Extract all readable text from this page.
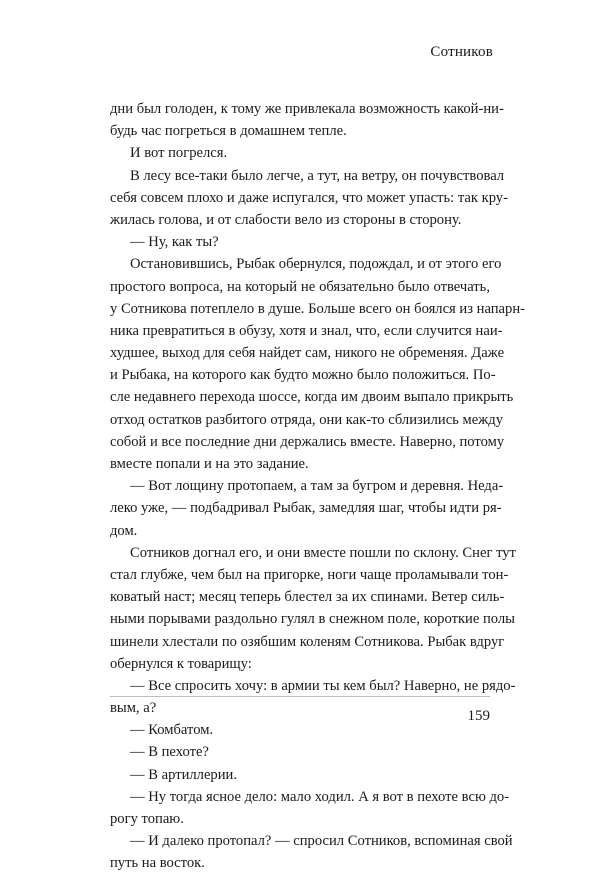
Сотников
дни был голоден, к тому же привлекала возможность какой-ни-
будь час погреться в домашнем тепле.
И вот погрелся.
В лесу все-таки было легче, а тут, на ветру, он почувствовал
себя совсем плохо и даже испугался, что может упасть: так кру-
жилась голова, и от слабости вело из стороны в сторону.
— Ну, как ты?
Остановившись, Рыбак обернулся, подождал, и от этого его
простого вопроса, на который не обязательно было отвечать,
у Сотникова потеплело в душе. Больше всего он боялся из напарн-
ника превратиться в обузу, хотя и знал, что, если случится наи-
худшее, выход для себя найдет сам, никого не обременяя. Даже
и Рыбака, на которого как будто можно было положиться. По-
сле недавнего перехода шоссе, когда им двоим выпало прикрыть
отход остатков разбитого отряда, они как-то сблизились между
собой и все последние дни держались вместе. Наверно, потому
вместе попали и на это задание.
— Вот лощину протопаем, а там за бугром и деревня. Неда-
леко уже, — подбадривал Рыбак, замедляя шаг, чтобы идти ря-
дом.
Сотников догнал его, и они вместе пошли по склону. Снег тут
стал глубже, чем был на пригорке, ноги чаще проламывали тон-
коватый наст; месяц теперь блестел за их спинами. Ветер силь-
ными порывами раздольно гулял в снежном поле, короткие полы
шинели хлестали по озябшим коленям Сотникова. Рыбак вдруг
обернулся к товарищу:
— Все спросить хочу: в армии ты кем был? Наверно, не рядо-
вым, а?
— Комбатом.
— В пехоте?
— В артиллерии.
— Ну тогда ясное дело: мало ходил. А я вот в пехоте всю до-
рогу топаю.
— И далеко протопал? — спросил Сотников, вспоминая свой
путь на восток.
159
